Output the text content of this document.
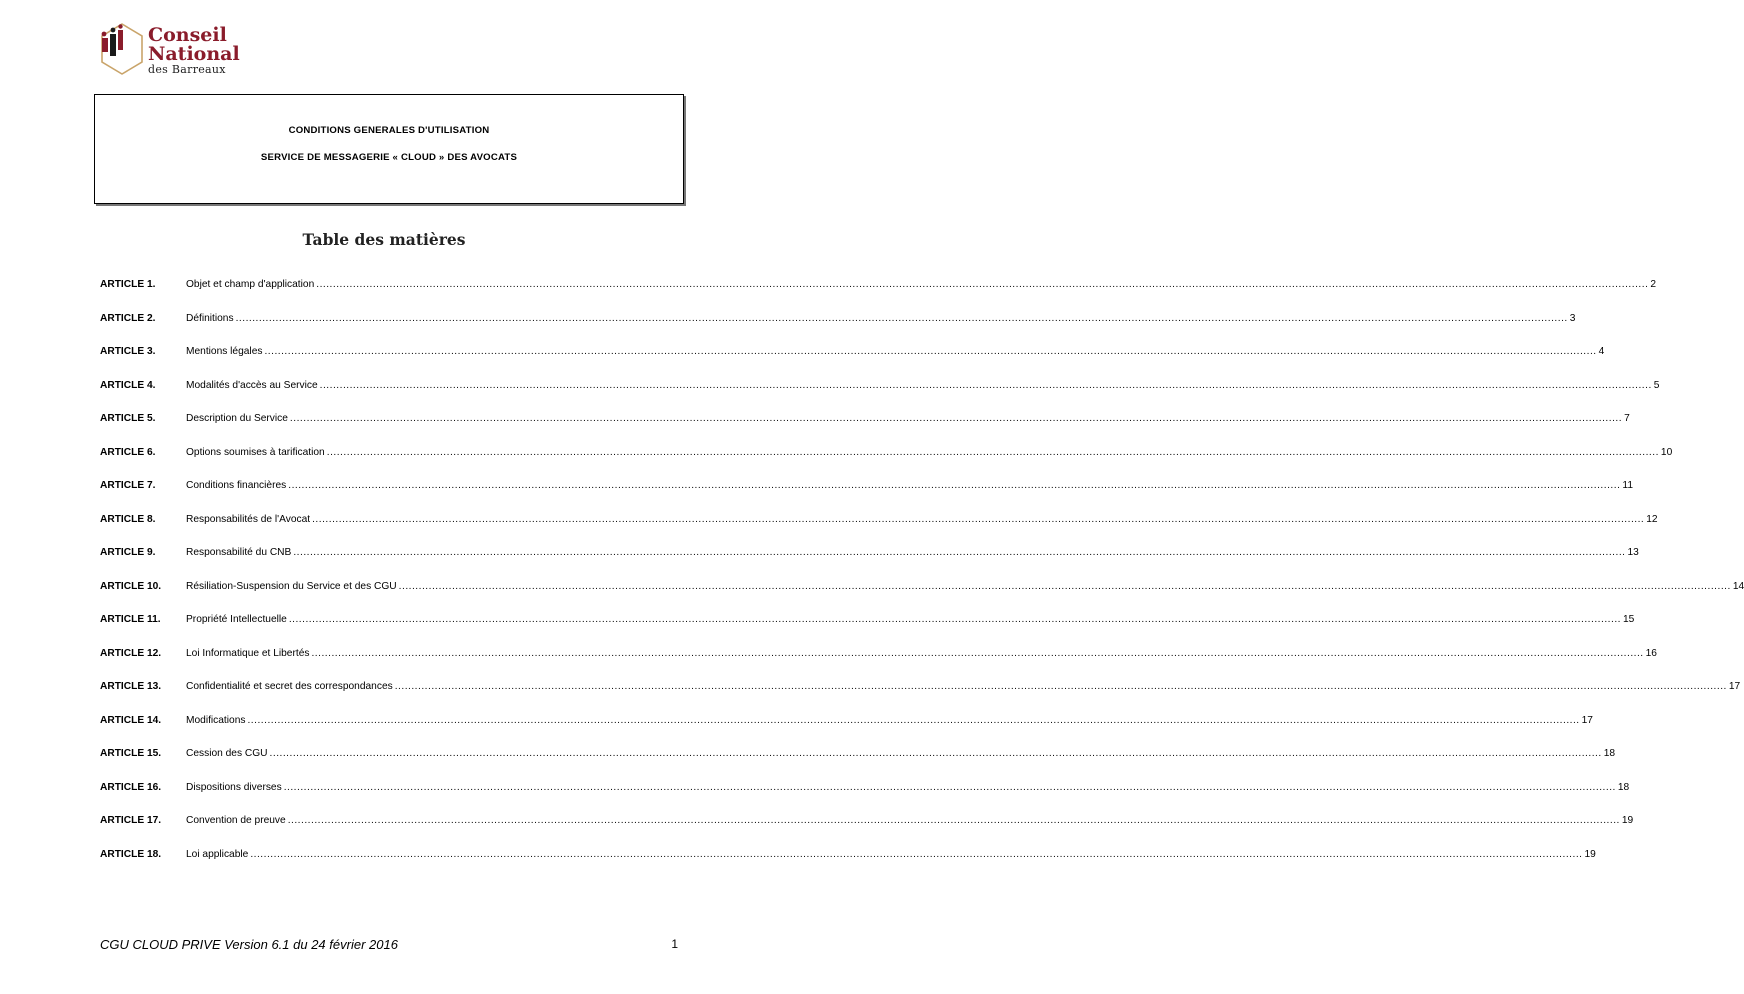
Conseil
National
des Barreaux
CONDITIONS GENERALES D'UTILISATION
SERVICE DE MESSAGERIE « CLOUD » DES AVOCATS
Table des matières
ARTICLE 1.	Objet et champ d'application ................................................................................................................................................................................................................................................................................................................................................................................................................ 2
ARTICLE 2.	Définitions ................................................................................................................................................................................................................................................................................................................................................................................................................ 3
ARTICLE 3.	Mentions légales ................................................................................................................................................................................................................................................................................................................................................................................................................ 4
ARTICLE 4.	Modalités d'accès au Service ................................................................................................................................................................................................................................................................................................................................................................................................................ 5
ARTICLE 5.	Description du Service ................................................................................................................................................................................................................................................................................................................................................................................................................ 7
ARTICLE 6.	Options soumises à tarification ................................................................................................................................................................................................................................................................................................................................................................................................................ 10
ARTICLE 7.	Conditions financières ................................................................................................................................................................................................................................................................................................................................................................................................................ 11
ARTICLE 8.	Responsabilités de l'Avocat ................................................................................................................................................................................................................................................................................................................................................................................................................ 12
ARTICLE 9.	Responsabilité du CNB ................................................................................................................................................................................................................................................................................................................................................................................................................ 13
ARTICLE 10. Résiliation-Suspension du Service et des CGU ................................................................................................................................................................................................................................................................................................................................................................................................................ 14
ARTICLE 11. Propriété Intellectuelle ................................................................................................................................................................................................................................................................................................................................................................................................................ 15
ARTICLE 12. Loi Informatique et Libertés ................................................................................................................................................................................................................................................................................................................................................................................................................ 16
ARTICLE 13. Confidentialité et secret des correspondances ................................................................................................................................................................................................................................................................................................................................................................................................................ 17
ARTICLE 14. Modifications ................................................................................................................................................................................................................................................................................................................................................................................................................ 17
ARTICLE 15. Cession des CGU ................................................................................................................................................................................................................................................................................................................................................................................................................ 18
ARTICLE 16. Dispositions diverses ................................................................................................................................................................................................................................................................................................................................................................................................................ 18
ARTICLE 17. Convention de preuve ................................................................................................................................................................................................................................................................................................................................................................................................................ 19
ARTICLE 18. Loi applicable ................................................................................................................................................................................................................................................................................................................................................................................................................ 19
CGU CLOUD PRIVE Version 6.1 du 24 février 2016	1
